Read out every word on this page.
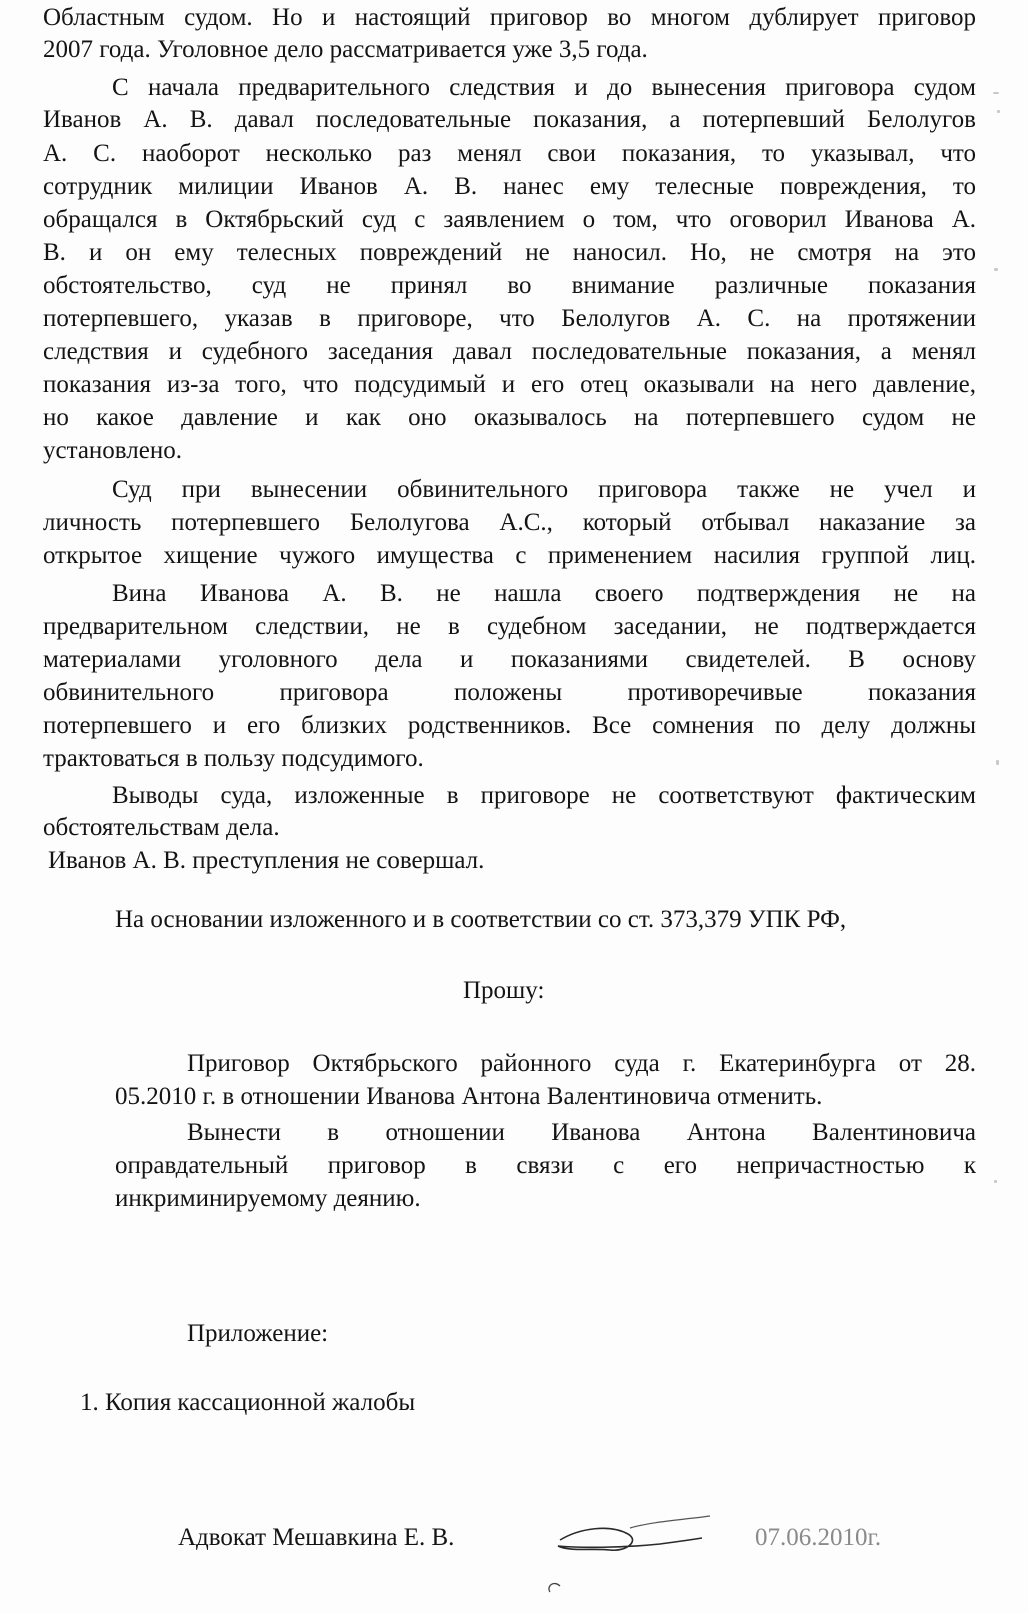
Областным судом. Но и настоящий приговор во многом дублирует приговор
2007 года. Уголовное дело рассматривается уже 3,5 года.
С начала предварительного следствия и до вынесения приговора судом
Иванов А. В. давал последовательные показания, а потерпевший Белолугов
А. С. наоборот несколько раз менял свои показания, то указывал, что
сотрудник милиции Иванов А. В. нанес ему телесные повреждения, то
обращался в Октябрьский суд с заявлением о том, что оговорил Иванова А.
В. и он ему телесных повреждений не наносил. Но, не смотря на это
обстоятельство, суд не принял во внимание различные показания
потерпевшего, указав в приговоре, что Белолугов А. С. на протяжении
следствия и судебного заседания давал последовательные показания, а менял
показания из-за того, что подсудимый и его отец оказывали на него давление,
но какое давление и как оно оказывалось на потерпевшего судом не
установлено.
Суд при вынесении обвинительного приговора также не учел и
личность потерпевшего Белолугова А.С., который отбывал наказание за
открытое хищение чужого имущества с применением насилия группой лиц.
Вина Иванова А. В. не нашла своего подтверждения не на
предварительном следствии, не в судебном заседании, не подтверждается
материалами уголовного дела и показаниями свидетелей. В основу
обвинительного приговора положены противоречивые показания
потерпевшего и его близких родственников. Все сомнения по делу должны
трактоваться в пользу подсудимого.
Выводы суда, изложенные в приговоре не соответствуют фактическим
обстоятельствам дела.
Иванов А. В. преступления не совершал.
На основании изложенного и в соответствии со ст. 373,379 УПК РФ,
Прошу:
Приговор Октябрьского районного суда г. Екатеринбурга от 28.
05.2010 г. в отношении Иванова Антона Валентиновича отменить.
Вынести в отношении Иванова Антона Валентиновича
оправдательный приговор в связи с его непричастностью к
инкриминируемому деянию.
Приложение:
1. Копия кассационной жалобы
Адвокат Мешавкина Е. В.	07.06.2010г.
